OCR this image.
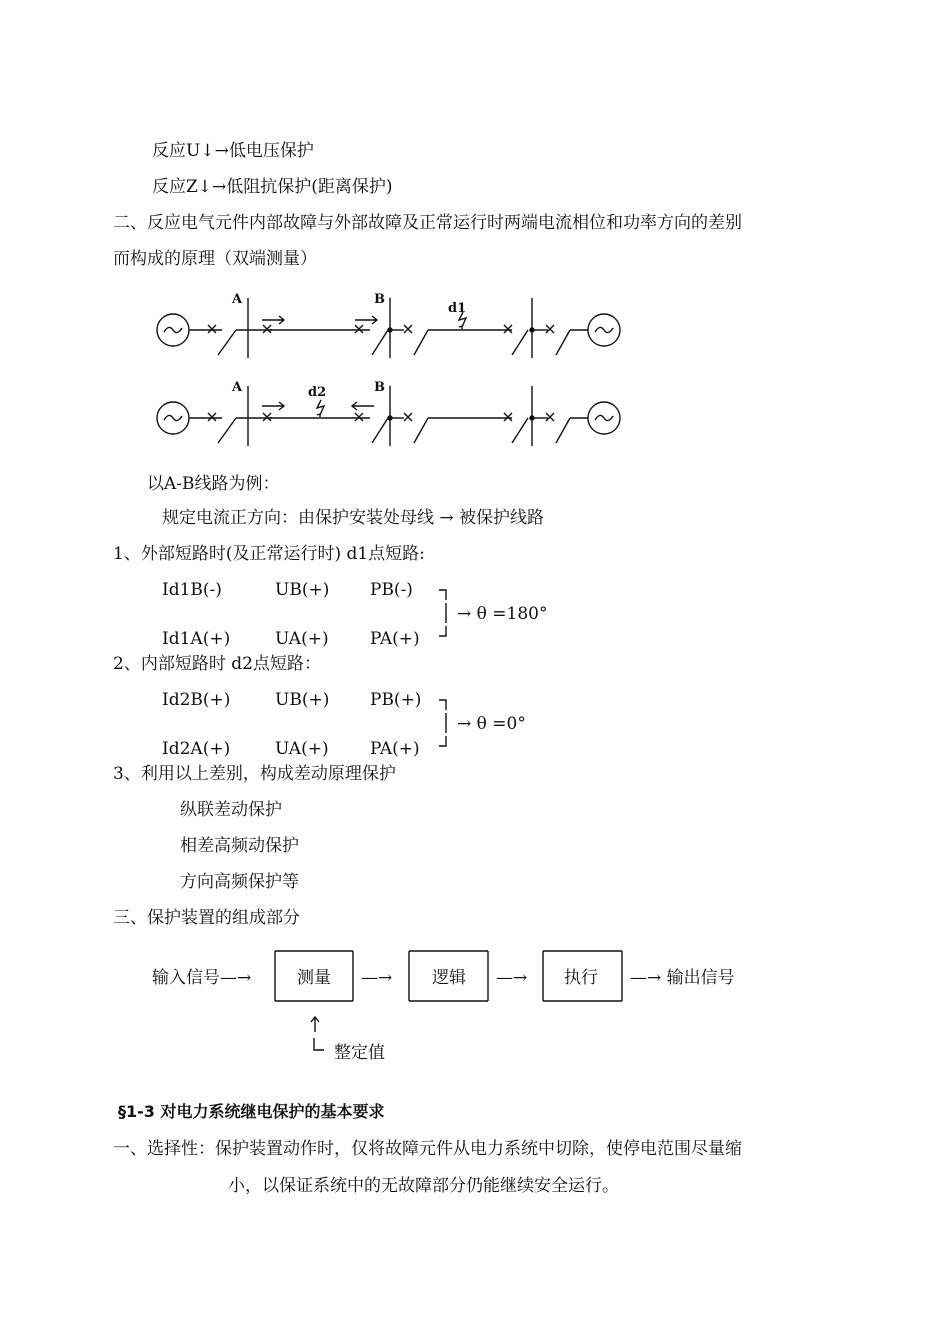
反应U↓→低电压保护
反应Z↓→低阻抗保护(距离保护)
二、反应电气元件内部故障与外部故障及正常运行时两端电流相位和功率方向的差别
而构成的原理（双端测量）
A	B
d1
A	B
d2
以A-B线路为例：
规定电流正方向：由保护安装处母线 → 被保护线路
1、外部短路时(及正常运行时) d1点短路:
Id1B(-)	UB(+) PB(-)
→ θ =180°
Id1A(+)	UA(+) PA(+)
2、内部短路时 d2点短路：
Id2B(+)	UB(+) PB(+)
→ θ =0°
Id2A(+)	UA(+) PA(+)
3、利用以上差别，构成差动原理保护
纵联差动保护
相差高频动保护
方向高频保护等
三、保护装置的组成部分
输入信号—→	测量 —→ 逻辑 —→ 执行 —→ 输出信号
整定值
§1-3 对电力系统继电保护的基本要求
一、选择性：保护装置动作时，仅将故障元件从电力系统中切除，使停电范围尽量缩
小，以保证系统中的无故障部分仍能继续安全运行。
